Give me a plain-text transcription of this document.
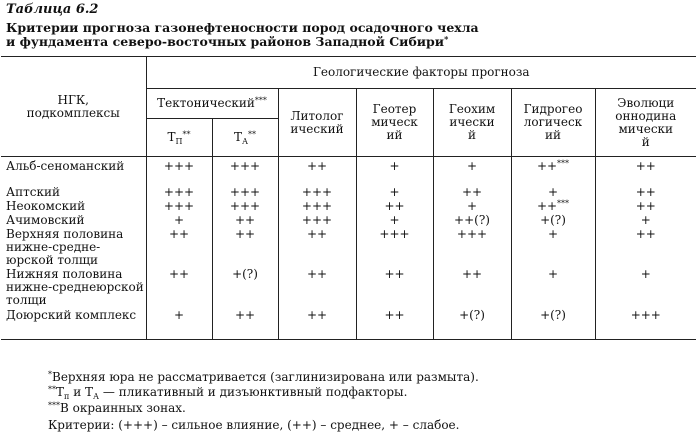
Таблица 6.2
Критерии прогноза газонефтеносности пород осадочного чехла
и фундамента северо-восточных районов Западной Сибири*
НГК, подкомплексы	Геологические факторы прогноза						
	Тектонический***		Литологический	Геотермический	Геохимический	Гидрогеологический	Эволюционнодинамический

	$Т_П^{**}$	$Т_А^{**}$

Альб-сеноманский	+++	+++	++	+	+	++***	++
Аптский	+++	+++	+++	+	++	+	++
Неокомский	+++	+++	+++	++	+	++***	++
Ачимовский	+	++	+++	+	++(?)	+(?)	+
Верхняя половина нижне-средне-юрской толщи	++	++	++	+++	+++	+	++
Нижняя половина нижне-среднеюрской толщи	++	+(?)	++	++	++	+	+
Доюрский комплекс	+	++	++	++	+(?)	+(?)	+++
*Верхняя юра не рассматривается (заглинизирована или размыта).
$^{**}Т_п$ и $Т_А$ — пликативный и дизъюнктивный подфакторы.
***В окраинных зонах.
Критерии: (+++) – сильное влияние, (++) – среднее, + – слабое.
